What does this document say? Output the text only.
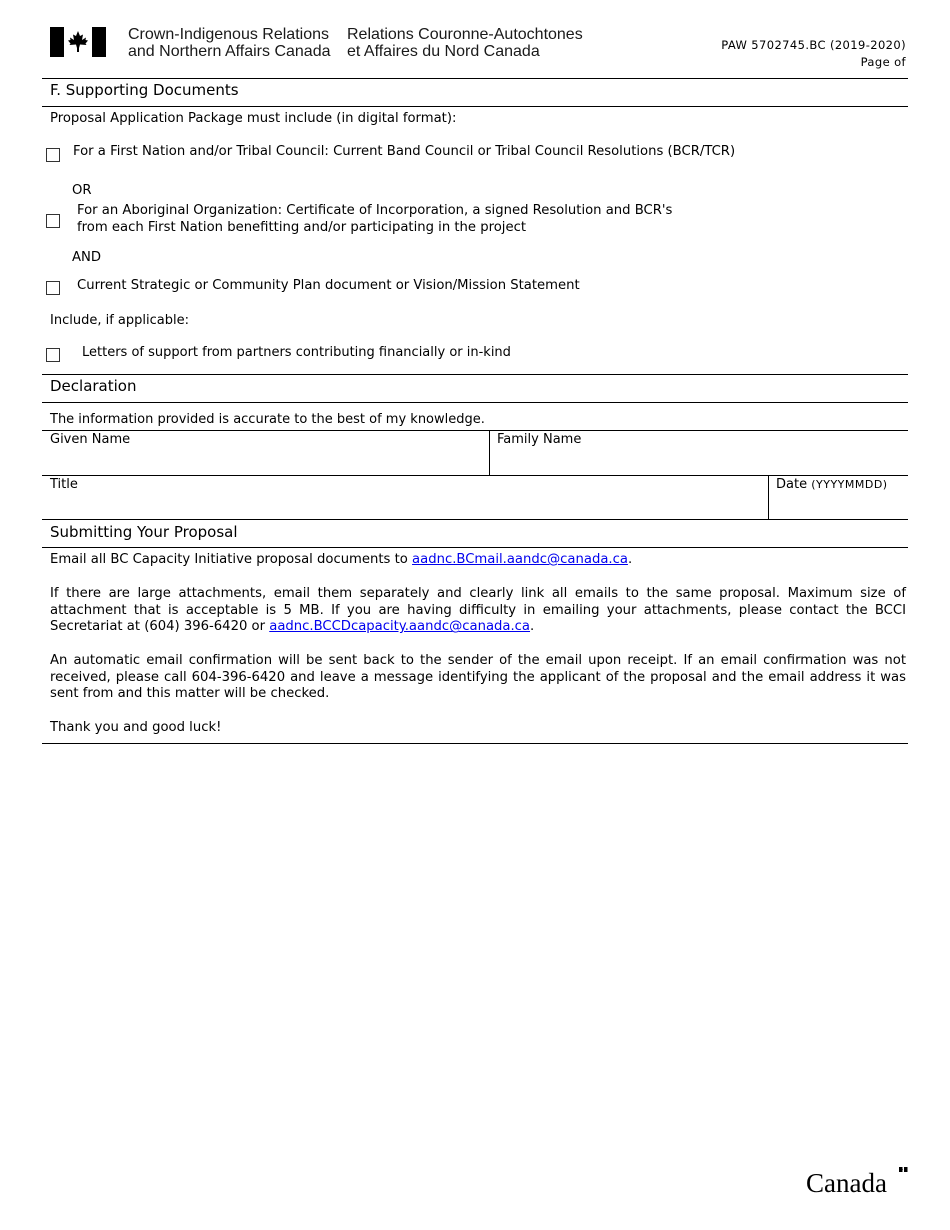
Crown-Indigenous Relations
and Northern Affairs Canada
Relations Couronne-Autochtones
et Affaires du Nord Canada	PAW 5702745.BC (2019-2020)
Page of
F. Supporting Documents
Proposal Application Package must include (in digital format):
For a First Nation and/or Tribal Council: Current Band Council or Tribal Council Resolutions (BCR/TCR)
OR
For an Aboriginal Organization: Certificate of Incorporation, a signed Resolution and BCR's
from each First Nation benefitting and/or participating in the project
AND
Current Strategic or Community Plan document or Vision/Mission Statement
Include, if applicable:
Letters of support from partners contributing financially or in-kind
Declaration
The information provided is accurate to the best of my knowledge.
Given Name	Family Name
Title	Date (YYYYMMDD)
Submitting Your Proposal
Email all BC Capacity Initiative proposal documents to aadnc.BCmail.aandc@canada.ca.
If there are large attachments, email them separately and clearly link all emails to the same proposal. Maximum size of attachment that is acceptable is 5 MB. If you are having difficulty in emailing your attachments, please contact the BCCI Secretariat at (604) 396-6420 or aadnc.BCCDcapacity.aandc@canada.ca.
An automatic email confirmation will be sent back to the sender of the email upon receipt. If an email confirmation was not received, please call 604-396-6420 and leave a message identifying the applicant of the proposal and the email address it was sent from and this matter will be checked.
Thank you and good luck!
Canada
